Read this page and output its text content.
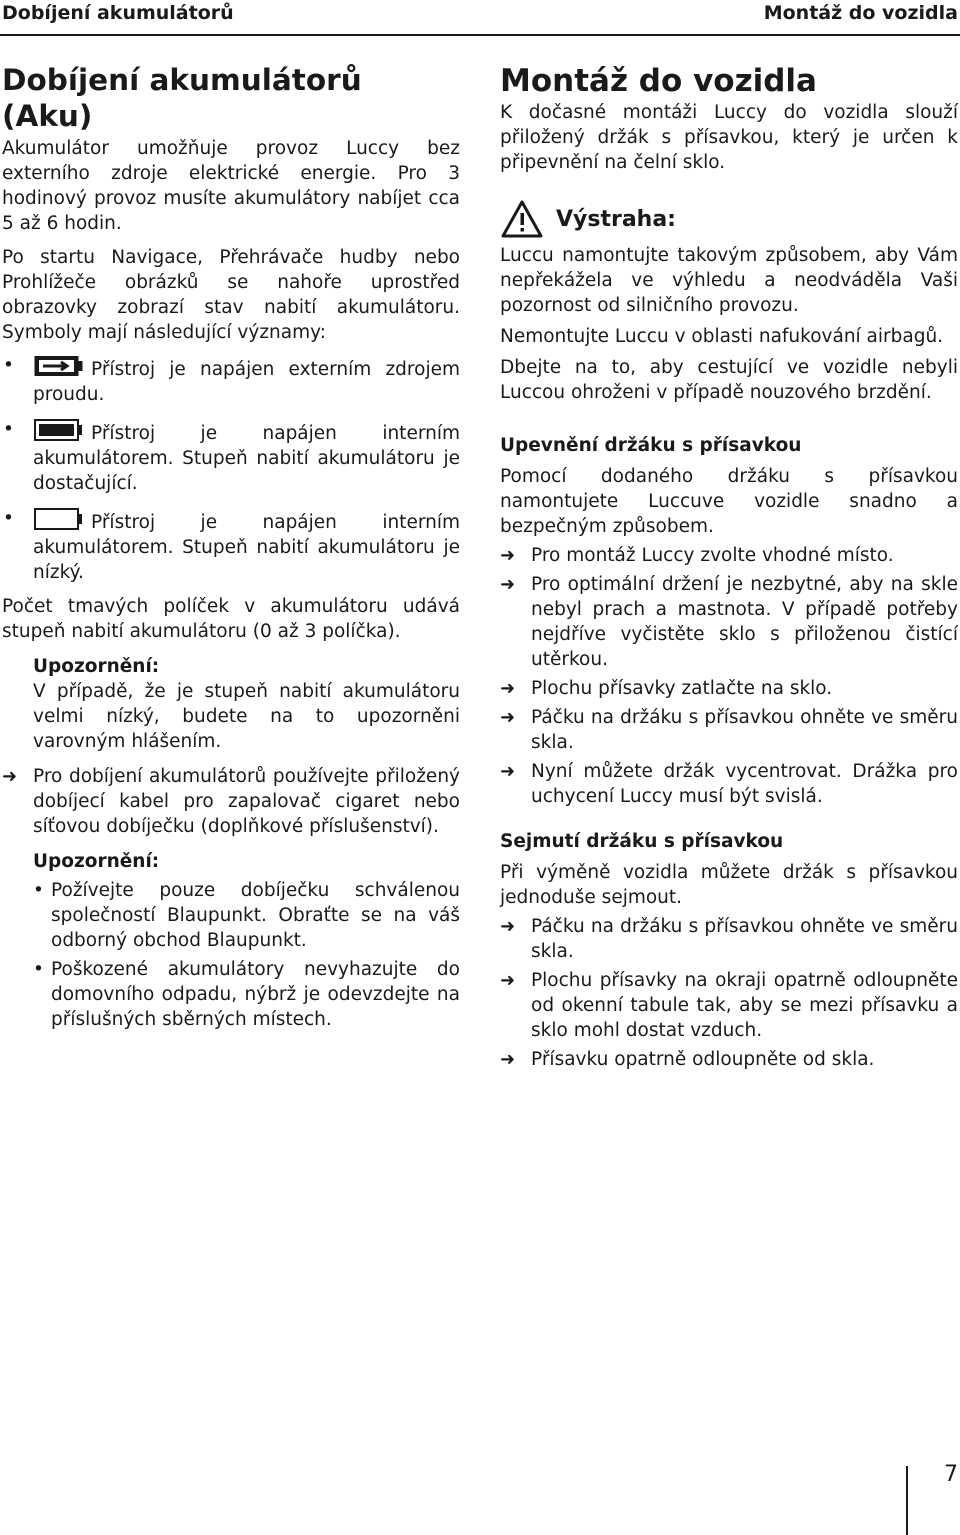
Dobíjení akumulátorů	Montáž do vozidla
Dobíjení akumulátorů (Aku)

Akumulátor umožňuje provoz Luccy bez externího zdroje elektrické energie. Pro 3 hodinový provoz musíte akumulátory nabíjet cca 5 až 6 hodin.

Po startu Navigace, Přehrávače hudby nebo Prohlížeče obrázků se nahoře uprostřed obrazovky zobrazí stav nabití akumulátoru. Symboly mají následující významy:

•	Přístroj je napájen externím zdrojem proudu.
•	Přístroj je napájen interním akumulátorem. Stupeň nabití akumulátoru je dostačující.
•	Přístroj je napájen interním akumulátorem. Stupeň nabití akumulátoru je nízký.

Počet tmavých políček v akumulátoru udává stupeň nabití akumulátoru (0 až 3 políčka).

Upozornění:

V případě, že je stupeň nabití akumulátoru velmi nízký, budete na to upozorněni varovným hlášením.

➜ Pro dobíjení akumulátorů používejte přiložený dobíjecí kabel pro zapalovač cigaret nebo síťovou dobíječku (doplňkové příslušenství).
Upozornění:
• Požívejte pouze dobíječku schválenou společností Blaupunkt. Obraťte se na váš odborný obchod Blaupunkt.
• Poškozené akumulátory nevyhazujte do domovního odpadu, nýbrž je odevzdejte na příslušných sběrných místech.
Montáž do vozidla

K dočasné montáži Luccy do vozidla slouží přiložený držák s přísavkou, který je určen k připevnění na čelní sklo.

Výstraha:

Luccu namontujte takovým způsobem, aby Vám nepřekážela ve výhledu a neodváděla Vaši pozornost od silničního provozu.

Nemontujte Luccu v oblasti nafukování airbagů.

Dbejte na to, aby cestující ve vozidle nebyli Luccou ohroženi v případě nouzového brzdění.

Upevnění držáku s přísavkou

Pomocí dodaného držáku s přísavkou namontujete Luccuve vozidle snadno a bezpečným způsobem.

➜ Pro montáž Luccy zvolte vhodné místo.
➜ Pro optimální držení je nezbytné, aby na skle nebyl prach a mastnota. V případě potřeby nejdříve vyčistěte sklo s přiloženou čistící utěrkou.
➜ Plochu přísavky zatlačte na sklo.
➜ Páčku na držáku s přísavkou ohněte ve směru skla.
➜ Nyní můžete držák vycentrovat. Drážka pro uchycení Luccy musí být svislá.
Sejmutí držáku s přísavkou

Při výměně vozidla můžete držák s přísavkou jednoduše sejmout.

➜ Páčku na držáku s přísavkou ohněte ve směru skla.
➜ Plochu přísavky na okraji opatrně odloupněte od okenní tabule tak, aby se mezi přísavku a sklo mohl dostat vzduch.
➜ Přísavku opatrně odloupněte od skla.
7
